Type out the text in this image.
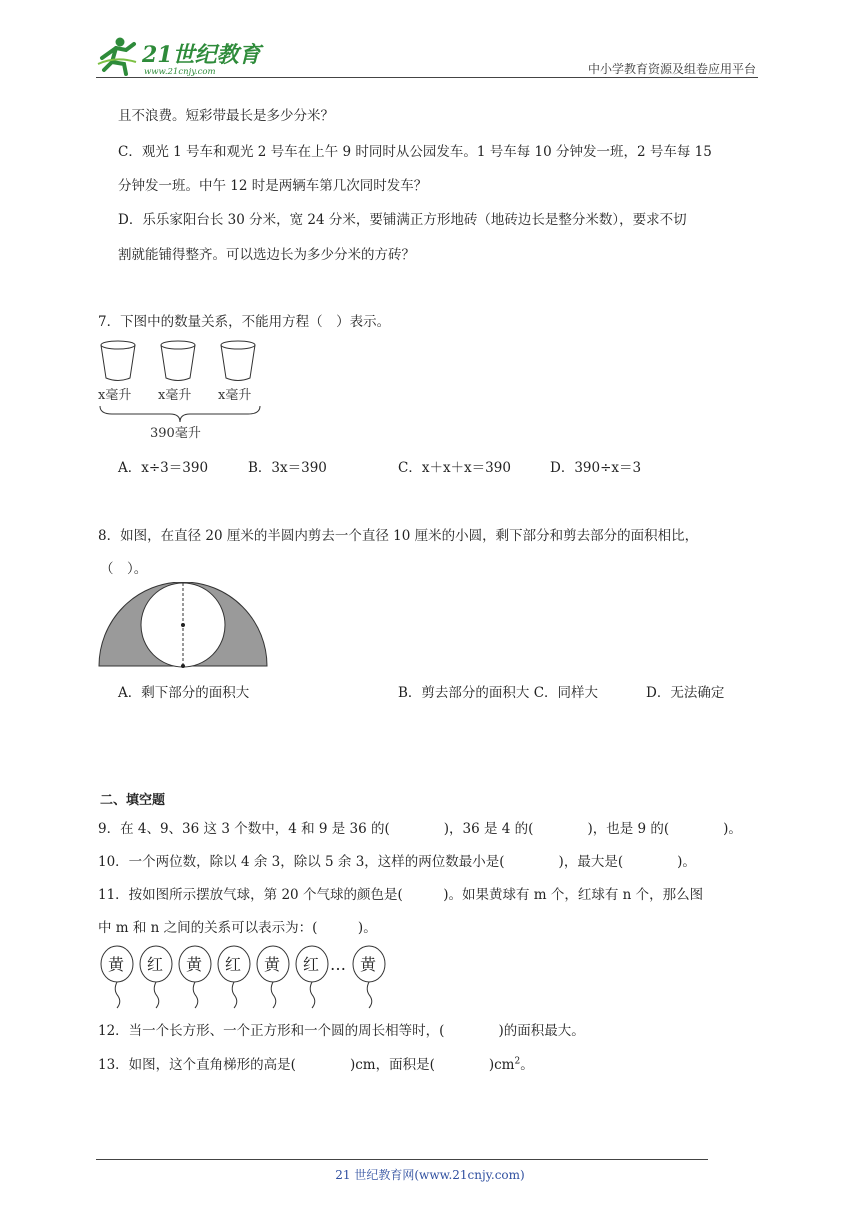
21世纪教育
www.21cnjy.com	中小学教育资源及组卷应用平台
且不浪费。短彩带最长是多少分米？
C．观光 1 号车和观光 2 号车在上午 9 时同时从公园发车。1 号车每 10 分钟发一班，2 号车每 15
分钟发一班。中午 12 时是两辆车第几次同时发车？
D．乐乐家阳台长 30 分米，宽 24 分米，要铺满正方形地砖（地砖边长是整分米数），要求不切
割就能铺得整齐。可以选边长为多少分米的方砖？
7．下图中的数量关系，不能用方程（　）表示。
x毫升 x毫升 x毫升
390毫升
A．x÷3＝390	B．3x＝390	C．x＋x＋x＝390	D．390÷x＝3
8．如图，在直径 20 厘米的半圆内剪去一个直径 10 厘米的小圆，剩下部分和剪去部分的面积相比，
（　）。
A．剩下部分的面积大	B．剪去部分的面积大 C．同样大	D．无法确定
二、填空题
9．在 4、9、36 这 3 个数中，4 和 9 是 36 的(　　　　)，36 是 4 的(　　　　)，也是 9 的(　　　　)。
10．一个两位数，除以 4 余 3，除以 5 余 3，这样的两位数最小是(　　　　)，最大是(　　　　)。
11．按如图所示摆放气球，第 20 个气球的颜色是(　　　)。如果黄球有 m 个，红球有 n 个，那么图
中 m 和 n 之间的关系可以表示为：(　　　)。
黄 红 黄 红 黄 红 … 黄
12．当一个长方形、一个正方形和一个圆的周长相等时，(　　　　)的面积最大。
13．如图，这个直角梯形的高是(　　　　)cm，面积是(　　　　)$cm^2$。
21 世纪教育网(www.21cnjy.com)
